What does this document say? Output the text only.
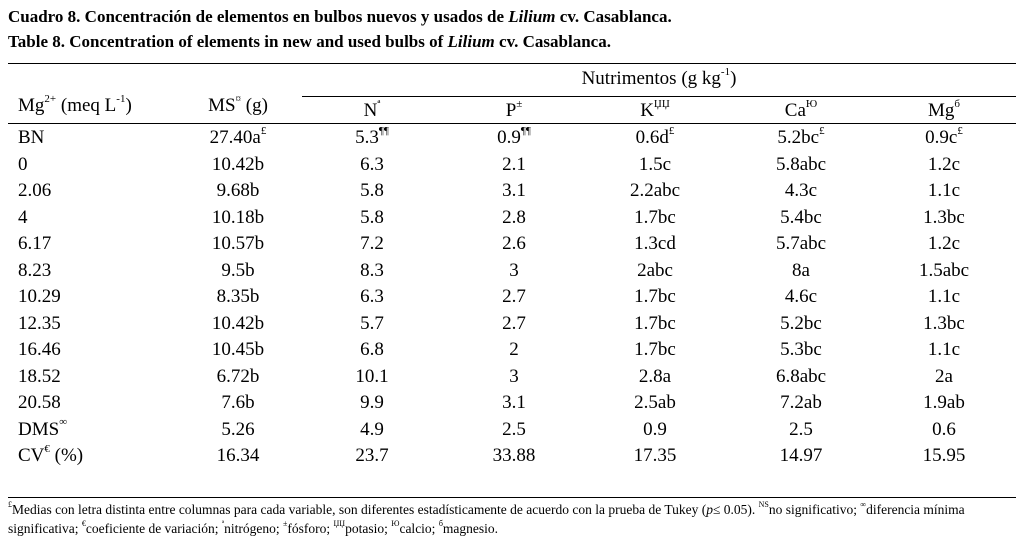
Cuadro 8. Concentración de elementos en bulbos nuevos y usados de Lilium cv. Casablanca.
Table 8. Concentration of elements in new and used bulbs of Lilium cv. Casablanca.
Nutrimentos (g $kg^{-1}$)
$Mg^{2+}$ (meq $L^{-1}$)	MS¤ (g)	$N^ª$	P±	$K^{ЏЏ}$	$Ca^Ю$	$Mg^б$
BN	27.40a£	5.3¶¶	0.9¶¶	0.6d£	5.2bc£	0.9c£
0	10.42b	6.3	2.1	1.5c	5.8abc	1.2c
2.06	9.68b	5.8	3.1	2.2abc	4.3c	1.1c
4	10.18b	5.8	2.8	1.7bc	5.4bc	1.3bc
6.17	10.57b	7.2	2.6	1.3cd	5.7abc	1.2c
8.23	9.5b	8.3	3	2abc	8a	1.5abc
10.29	8.35b	6.3	2.7	1.7bc	4.6c	1.1c
12.35	10.42b	5.7	2.7	1.7bc	5.2bc	1.3bc
16.46	10.45b	6.8	2	1.7bc	5.3bc	1.1c
18.52	6.72b	10.1	3	2.8a	6.8abc	2a
20.58	7.6b	9.9	3.1	2.5ab	7.2ab	1.9ab
DMS∞	5.26	4.9	2.5	0.9	2.5	0.6
CV€ (%)	16.34	23.7	33.88	17.35	14.97	15.95
£Medias con letra distinta entre columnas para cada variable, son diferentes estadísticamente de acuerdo con la prueba de Tukey (p≤ 0.05). $^{NS}$no significativo; ∞diferencia mínima significativa; €coeficiente de variación; $^ª$nitrógeno; ±fósforo; $^{ЏЏ}$potasio; $^Ю$calcio; $^б$magnesio.
